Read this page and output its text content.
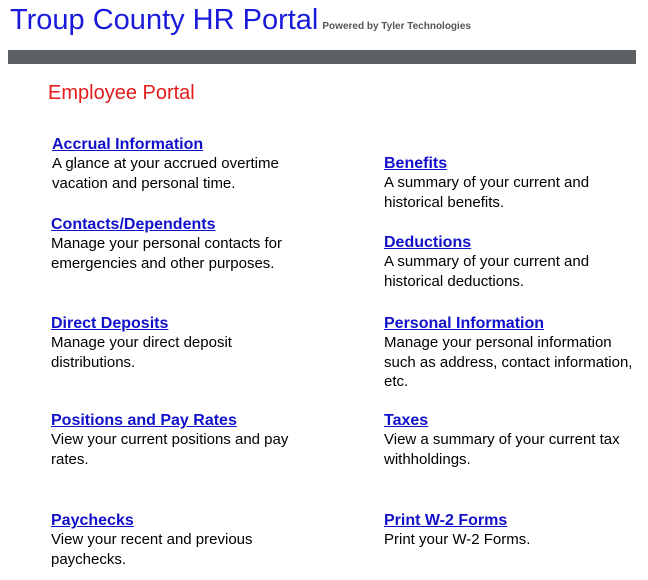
Troup County HR Portal Powered by Tyler Technologies
Employee Portal
Accrual Information
A glance at your accrued overtime vacation and personal time.
Contacts/Dependents
Manage your personal contacts for emergencies and other purposes.
Direct Deposits
Manage your direct deposit distributions.
Positions and Pay Rates
View your current positions and pay rates.
Paychecks
View your recent and previous paychecks.
Benefits
A summary of your current and historical benefits.
Deductions
A summary of your current and historical deductions.
Personal Information
Manage your personal information such as address, contact information, etc.
Taxes
View a summary of your current tax withholdings.
Print W-2 Forms
Print your W-2 Forms.
